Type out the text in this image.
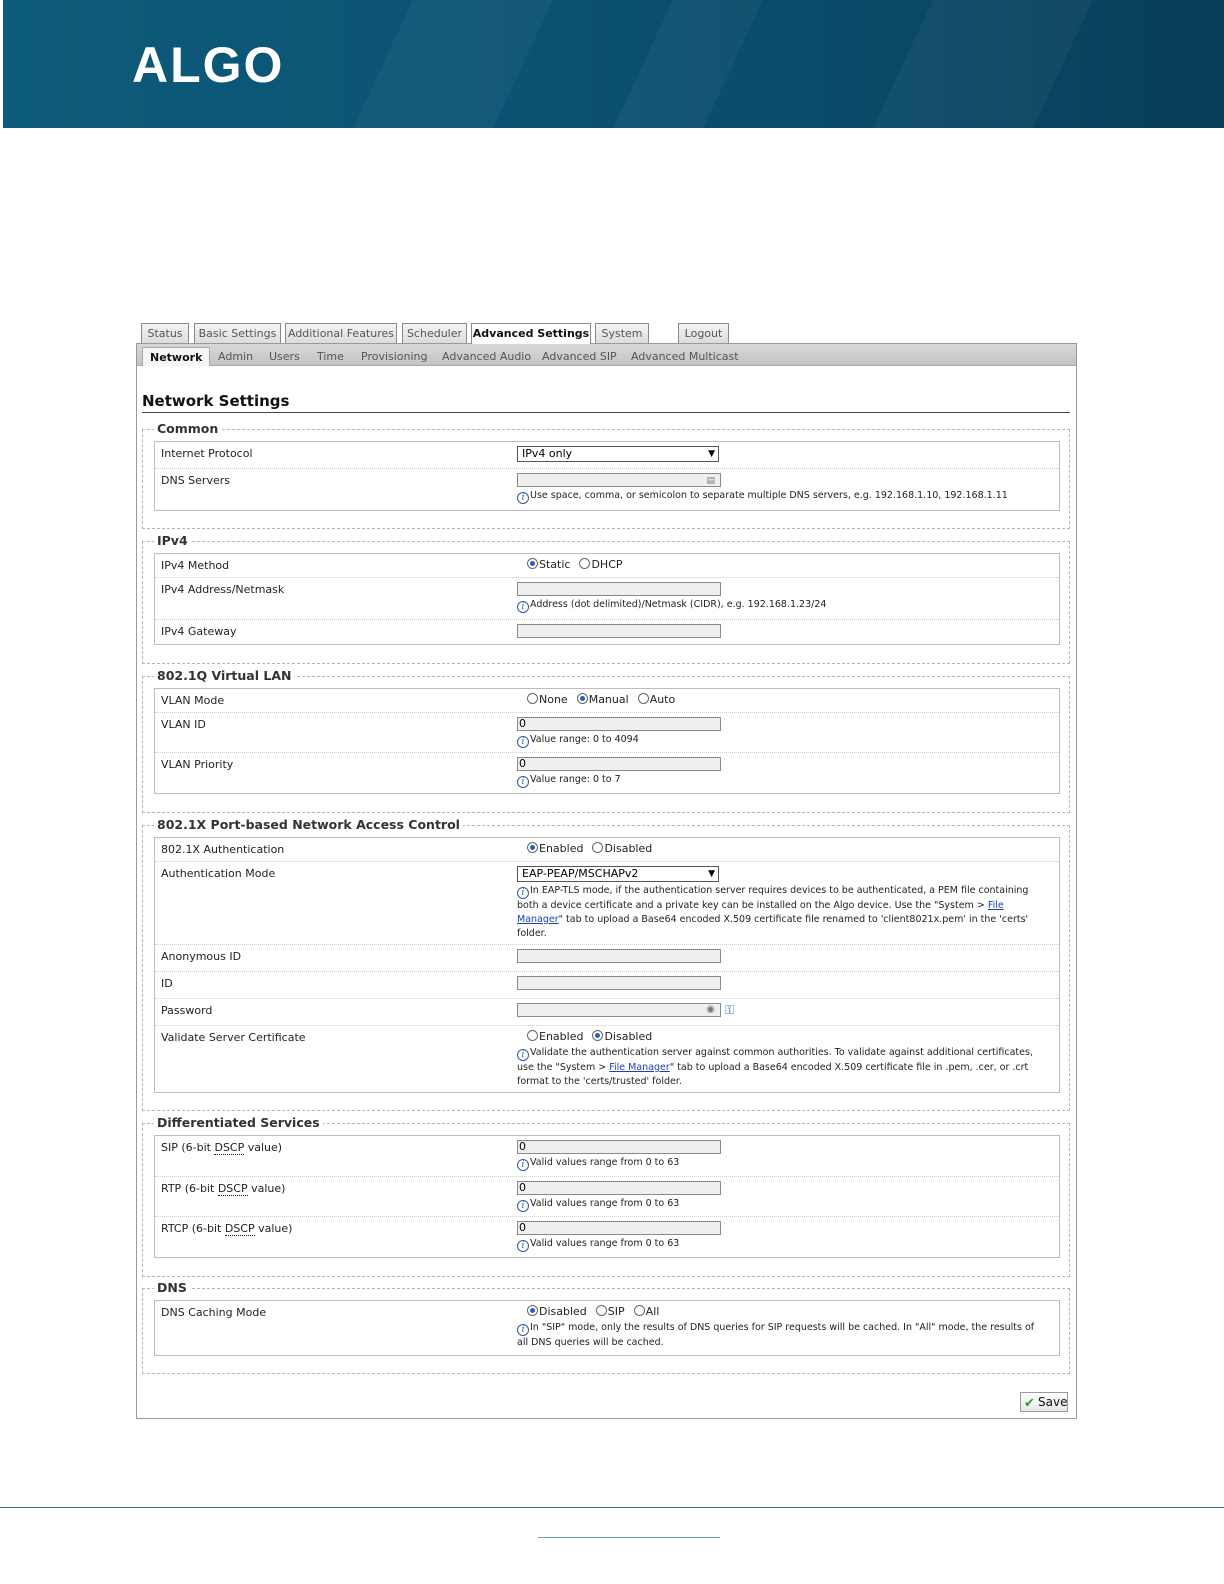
ALGO
Status	Basic Settings	Additional Features	Scheduler Advanced Settings	System	Logout
Network	Admin	Users	Time	Provisioning	Advanced Audio Advanced SIP	Advanced Multicast
Network Settings
Common
Internet Protocol	IPv4 only	▼
DNS Servers	▤
i Use space, comma, or semicolon to separate multiple DNS servers, e.g. 192.168.1.10, 192.168.1.11
IPv4
IPv4 Method	Static DHCP
IPv4 Address/Netmask
i Address (dot delimited)/Netmask (CIDR), e.g. 192.168.1.23/24
IPv4 Gateway
802.1Q Virtual LAN
VLAN Mode	None Manual Auto
VLAN ID	0
i Value range: 0 to 4094
VLAN Priority	0
i Value range: 0 to 7
802.1X Port-based Network Access Control
802.1X Authentication	Enabled Disabled
Authentication Mode	EAP-PEAP/MSCHAPv2	▼
i In EAP-TLS mode, if the authentication server requires devices to be authenticated, a PEM file containing both a device certificate and a private key can be installed on the Algo device. Use the "System > File Manager" tab to upload a Base64 encoded X.509 certificate file renamed to 'client8021x.pem' in the 'certs' folder.
Anonymous ID
ID
Password	◉ ⚿
Validate Server Certificate	Enabled Disabled
i Validate the authentication server against common authorities. To validate against additional certificates, use the "System > File Manager" tab to upload a Base64 encoded X.509 certificate file in .pem, .cer, or .crt format to the 'certs/trusted' folder.
Differentiated Services
SIP (6-bit DSCP value)	0
i Valid values range from 0 to 63
RTP (6-bit DSCP value)	0
i Valid values range from 0 to 63
RTCP (6-bit DSCP value)	0
i Valid values range from 0 to 63
DNS
DNS Caching Mode	Disabled SIP All
i In "SIP" mode, only the results of DNS queries for SIP requests will be cached. In "All" mode, the results of all DNS queries will be cached.
✔ Save
